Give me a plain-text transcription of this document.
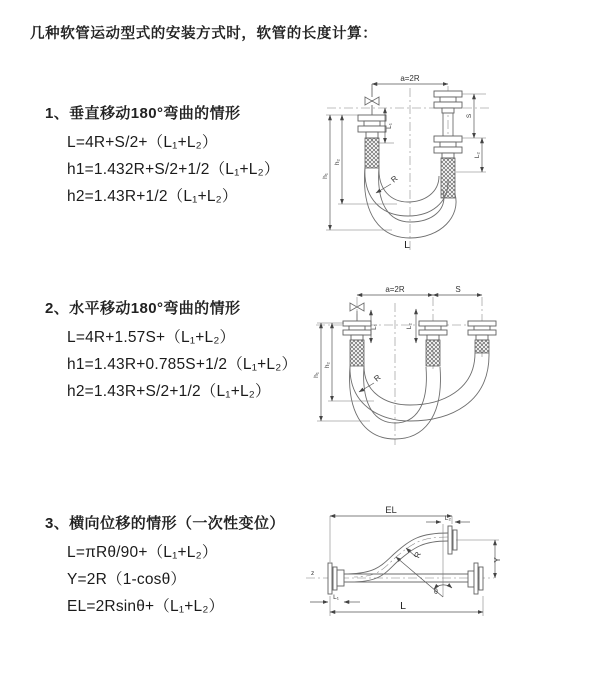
几种软管运动型式的安装方式时，软管的长度计算：
1、垂直移动180°弯曲的情形
L=4R+S/2+（L₁+L₂）
h1=1.432R+S/2+1/2（L₁+L₂）
h2=1.43R+1/2（L₁+L₂）
2、水平移动180°弯曲的情形
L=4R+1.57S+（L₁+L₂）
h1=1.43R+0.785S+1/2（L₁+L₂）
h2=1.43R+S/2+1/2（L₁+L₂）
3、横向位移的情形（一次性变位）
L=πRθ/90+（L₁+L₂）
Y=2R（1-cosθ）
EL=2Rsinθ+（L₁+L₂）
a=2R
h₁
h₂
L₁
S
L₂
R
L
a=2R	S
L₁	L₂
h₁
h₂
R
z
EL
L₂
θ
R
Y
L₁
L
